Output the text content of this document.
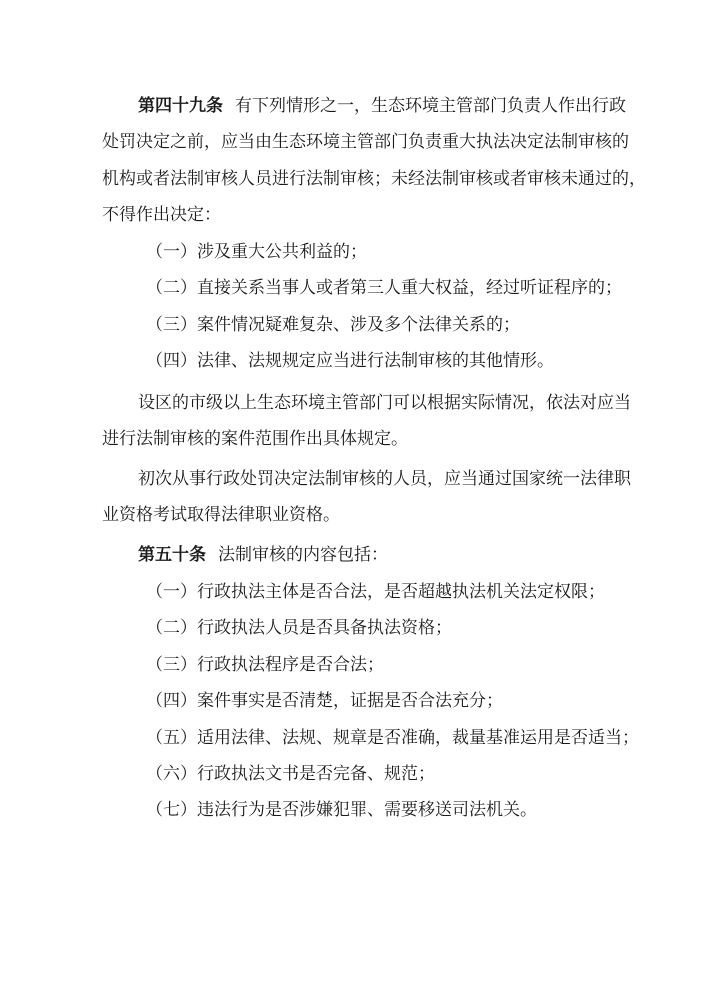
第四十九条 有下列情形之一，生态环境主管部门负责人作出行政
处罚决定之前，应当由生态环境主管部门负责重大执法决定法制审核的
机构或者法制审核人员进行法制审核；未经法制审核或者审核未通过的，
不得作出决定：
（一）涉及重大公共利益的；
（二）直接关系当事人或者第三人重大权益，经过听证程序的；
（三）案件情况疑难复杂、涉及多个法律关系的；
（四）法律、法规规定应当进行法制审核的其他情形。
设区的市级以上生态环境主管部门可以根据实际情况，依法对应当
进行法制审核的案件范围作出具体规定。
初次从事行政处罚决定法制审核的人员，应当通过国家统一法律职
业资格考试取得法律职业资格。
第五十条 法制审核的内容包括：
（一）行政执法主体是否合法，是否超越执法机关法定权限；
（二）行政执法人员是否具备执法资格；
（三）行政执法程序是否合法；
（四）案件事实是否清楚，证据是否合法充分；
（五）适用法律、法规、规章是否准确，裁量基准运用是否适当；
（六）行政执法文书是否完备、规范；
（七）违法行为是否涉嫌犯罪、需要移送司法机关。
